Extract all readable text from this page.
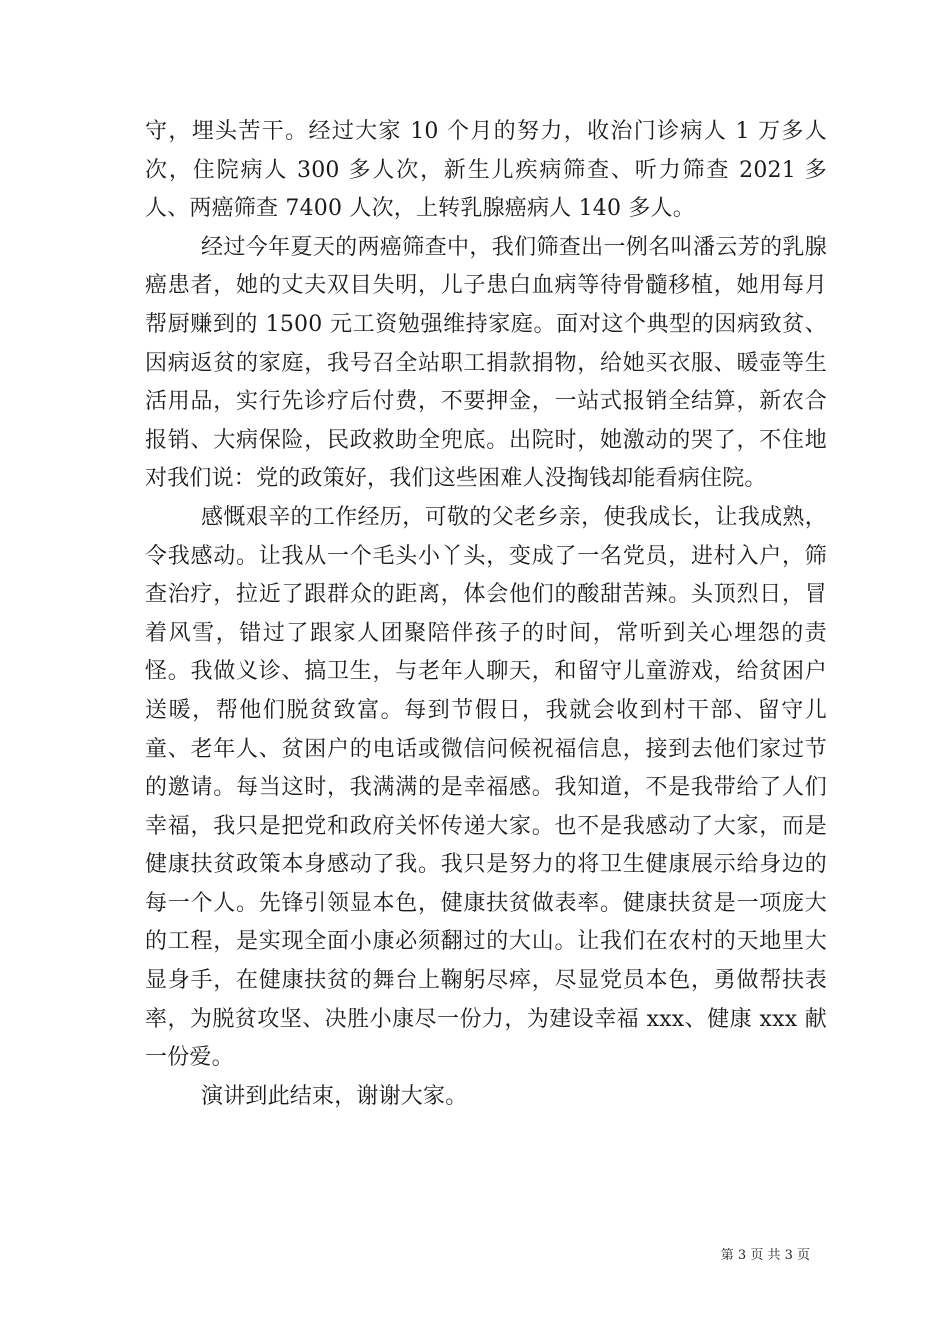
守，埋头苦干。经过大家 10 个月的努力，收治门诊病人 1 万多人次，住院病人 300 多人次，新生儿疾病筛查、听力筛查 2021 多人、两癌筛查 7400 人次，上转乳腺癌病人 140 多人。

经过今年夏天的两癌筛查中，我们筛查出一例名叫潘云芳的乳腺癌患者，她的丈夫双目失明，儿子患白血病等待骨髓移植，她用每月帮厨赚到的 1500 元工资勉强维持家庭。面对这个典型的因病致贫、因病返贫的家庭，我号召全站职工捐款捐物，给她买衣服、暖壶等生活用品，实行先诊疗后付费，不要押金，一站式报销全结算，新农合报销、大病保险，民政救助全兜底。出院时，她激动的哭了，不住地对我们说：党的政策好，我们这些困难人没掏钱却能看病住院。

感慨艰辛的工作经历，可敬的父老乡亲，使我成长，让我成熟，令我感动。让我从一个毛头小丫头，变成了一名党员，进村入户，筛查治疗，拉近了跟群众的距离，体会他们的酸甜苦辣。头顶烈日，冒着风雪，错过了跟家人团聚陪伴孩子的时间，常听到关心埋怨的责怪。我做义诊、搞卫生，与老年人聊天，和留守儿童游戏，给贫困户送暖，帮他们脱贫致富。每到节假日，我就会收到村干部、留守儿童、老年人、贫困户的电话或微信问候祝福信息，接到去他们家过节的邀请。每当这时，我满满的是幸福感。我知道，不是我带给了人们幸福，我只是把党和政府关怀传递大家。也不是我感动了大家，而是健康扶贫政策本身感动了我。我只是努力的将卫生健康展示给身边的每一个人。先锋引领显本色，健康扶贫做表率。健康扶贫是一项庞大的工程，是实现全面小康必须翻过的大山。让我们在农村的天地里大显身手，在健康扶贫的舞台上鞠躬尽瘁，尽显党员本色，勇做帮扶表率，为脱贫攻坚、决胜小康尽一份力，为建设幸福 xxx、健康 xxx 献一份爱。

演讲到此结束，谢谢大家。

第 3 页 共 3 页
